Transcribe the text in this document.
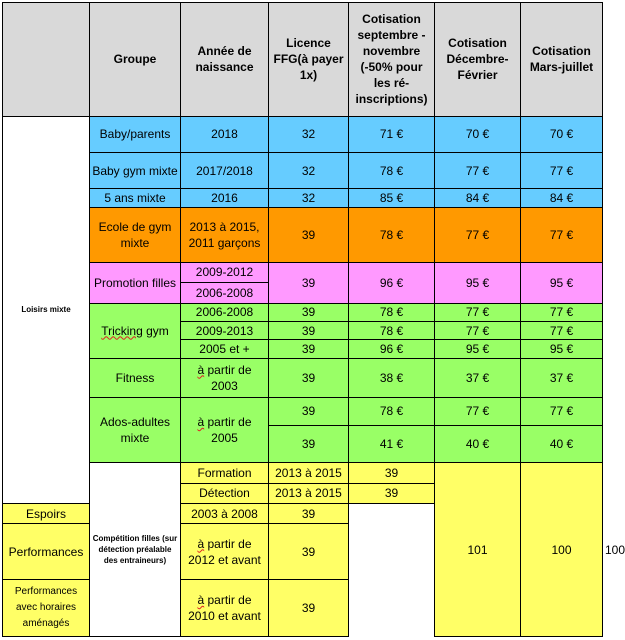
	Groupe	Année de naissance	Licence FFG(à payer 1x)	Cotisation septembre - novembre (-50% pour les ré-inscriptions)	Cotisation Décembre-Février	Cotisation Mars-juillet	
Loisirs mixte	Baby/parents	2018	32	71 €	70 €	70 €	
	Baby gym mixte	2017/2018	32	78 €	77 €	77 €	
	5 ans mixte	2016	32	85 €	84 €	84 €	
	Ecole de gym mixte	2013 à 2015, 2011 garçons	39	78 €	77 €	77 €	
	Promotion filles	2009-2012	39	96 €	95 €	95 €	
		2006-2008					
	Tricking gym	2006-2008	39	78 €	77 €	77 €	
		2009-2013	39	78 €	77 €	77 €	
		2005 et +	39	96 €	95 €	95 €	
	Fitness	à partir de 2003	39	38 €	37 €	37 €	
	Ados-adultes mixte	à partir de 2005	39	78 €	77 €	77 €	
			39	41 €	40 €	40 €	
	Compétition filles (sur détection préalable des entraineurs)	Formation	2013 à 2015	39	101	100	100
		Détection	2013 à 2015	39			
Espoirs		2003 à 2008	39				
Performances		à partir de 2012 et avant	39				
Performances avec horaires aménagés		à partir de 2010 et avant	39				
